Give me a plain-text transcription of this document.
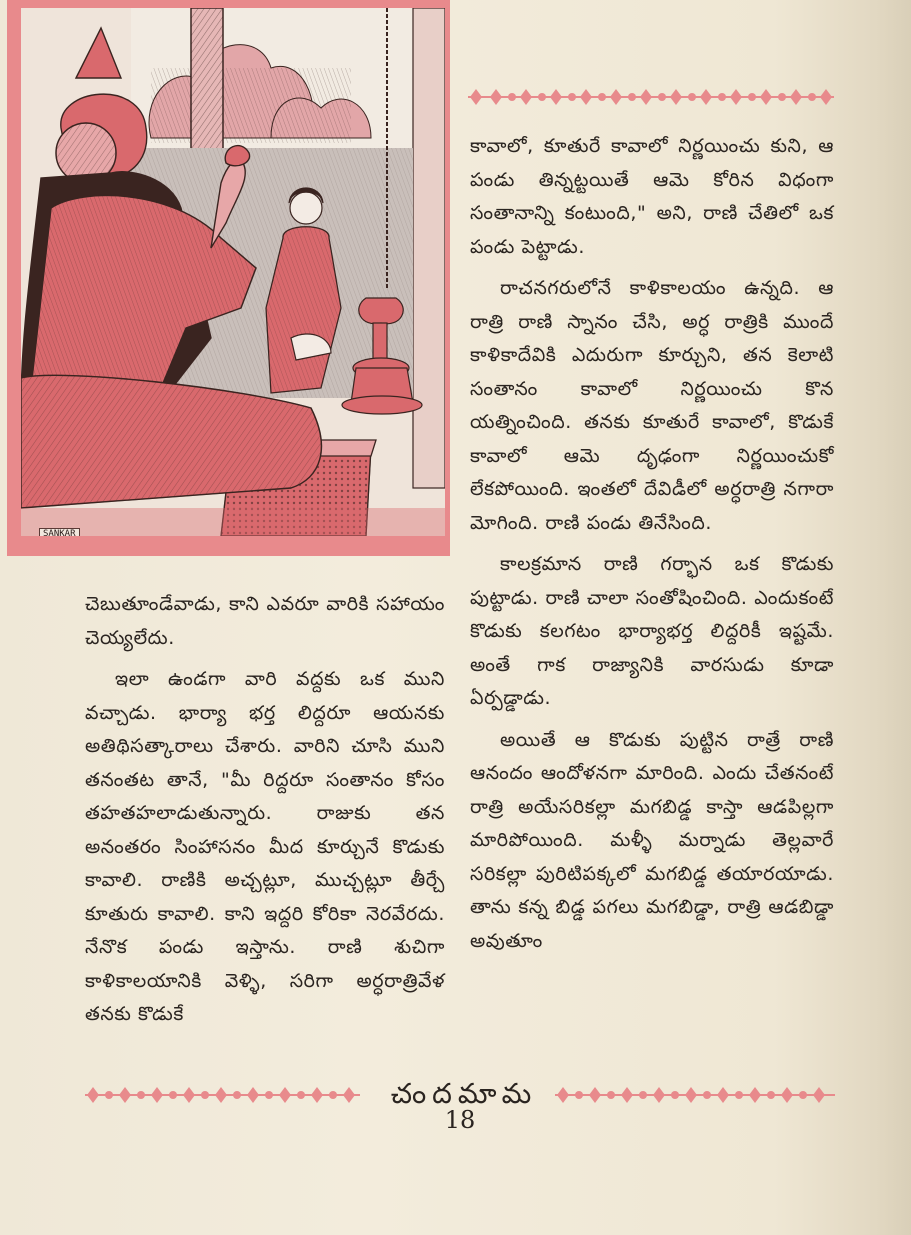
SANKAR

కావాలో, కూతురే కావాలో నిర్ణయించు కుని, ఆ పండు తిన్నట్టయితే ఆమె కోరిన విధంగా సంతానాన్ని కంటుంది," అని, రాణి చేతిలో ఒక పండు పెట్టాడు.

రాచనగరులోనే కాళికాలయం ఉన్నది. ఆ రాత్రి రాణి స్నానం చేసి, అర్ధ రాత్రికి ముందే కాళికాదేవికి ఎదురుగా కూర్చుని, తన కెలాటి సంతానం కావాలో నిర్ణయించు కొన యత్నించింది. తనకు కూతురే కావాలో, కొడుకే కావాలో ఆమె దృఢంగా నిర్ణయించుకో లేకపోయింది. ఇంతలో దేవిడీలో అర్ధరాత్రి నగారా మోగింది. రాణి పండు తినేసింది.

కాలక్రమాన రాణి గర్భాన ఒక కొడుకు పుట్టాడు. రాణి చాలా సంతోషించింది. ఎందుకంటే కొడుకు కలగటం భార్యాభర్త లిద్దరికీ ఇష్టమే. అంతే గాక రాజ్యానికి వారసుడు కూడా ఏర్పడ్డాడు.

అయితే ఆ కొడుకు పుట్టిన రాత్రే రాణి ఆనందం ఆందోళనగా మారింది. ఎందు చేతనంటే రాత్రి అయేసరికల్లా మగబిడ్డ కాస్తా ఆడపిల్లగా మారిపోయింది. మళ్ళీ మర్నాడు తెల్లవారే సరికల్లా పురిటిపక్కలో మగబిడ్డ తయారయాడు. తాను కన్న బిడ్డ పగలు మగబిడ్డా, రాత్రి ఆడబిడ్డా అవుతూం

చెబుతూండేవాడు, కాని ఎవరూ వారికి సహాయం చెయ్యలేదు.

ఇలా ఉండగా వారి వద్దకు ఒక ముని వచ్చాడు. భార్యా భర్త లిద్దరూ ఆయనకు అతిథిసత్కారాలు చేశారు. వారిని చూసి ముని తనంతట తానే, "మీ రిద్దరూ సంతానం కోసం తహతహలాడుతున్నారు. రాజుకు తన అనంతరం సింహాసనం మీద కూర్చునే కొడుకు కావాలి. రాణికి అచ్చట్లూ, ముచ్చట్లూ తీర్చే కూతురు కావాలి. కాని ఇద్దరి కోరికా నెరవేరదు. నేనొక పండు ఇస్తాను. రాణి శుచిగా కాళికాలయానికి వెళ్ళి, సరిగా అర్ధరాత్రివేళ తనకు కొడుకే

చందమామ
18
